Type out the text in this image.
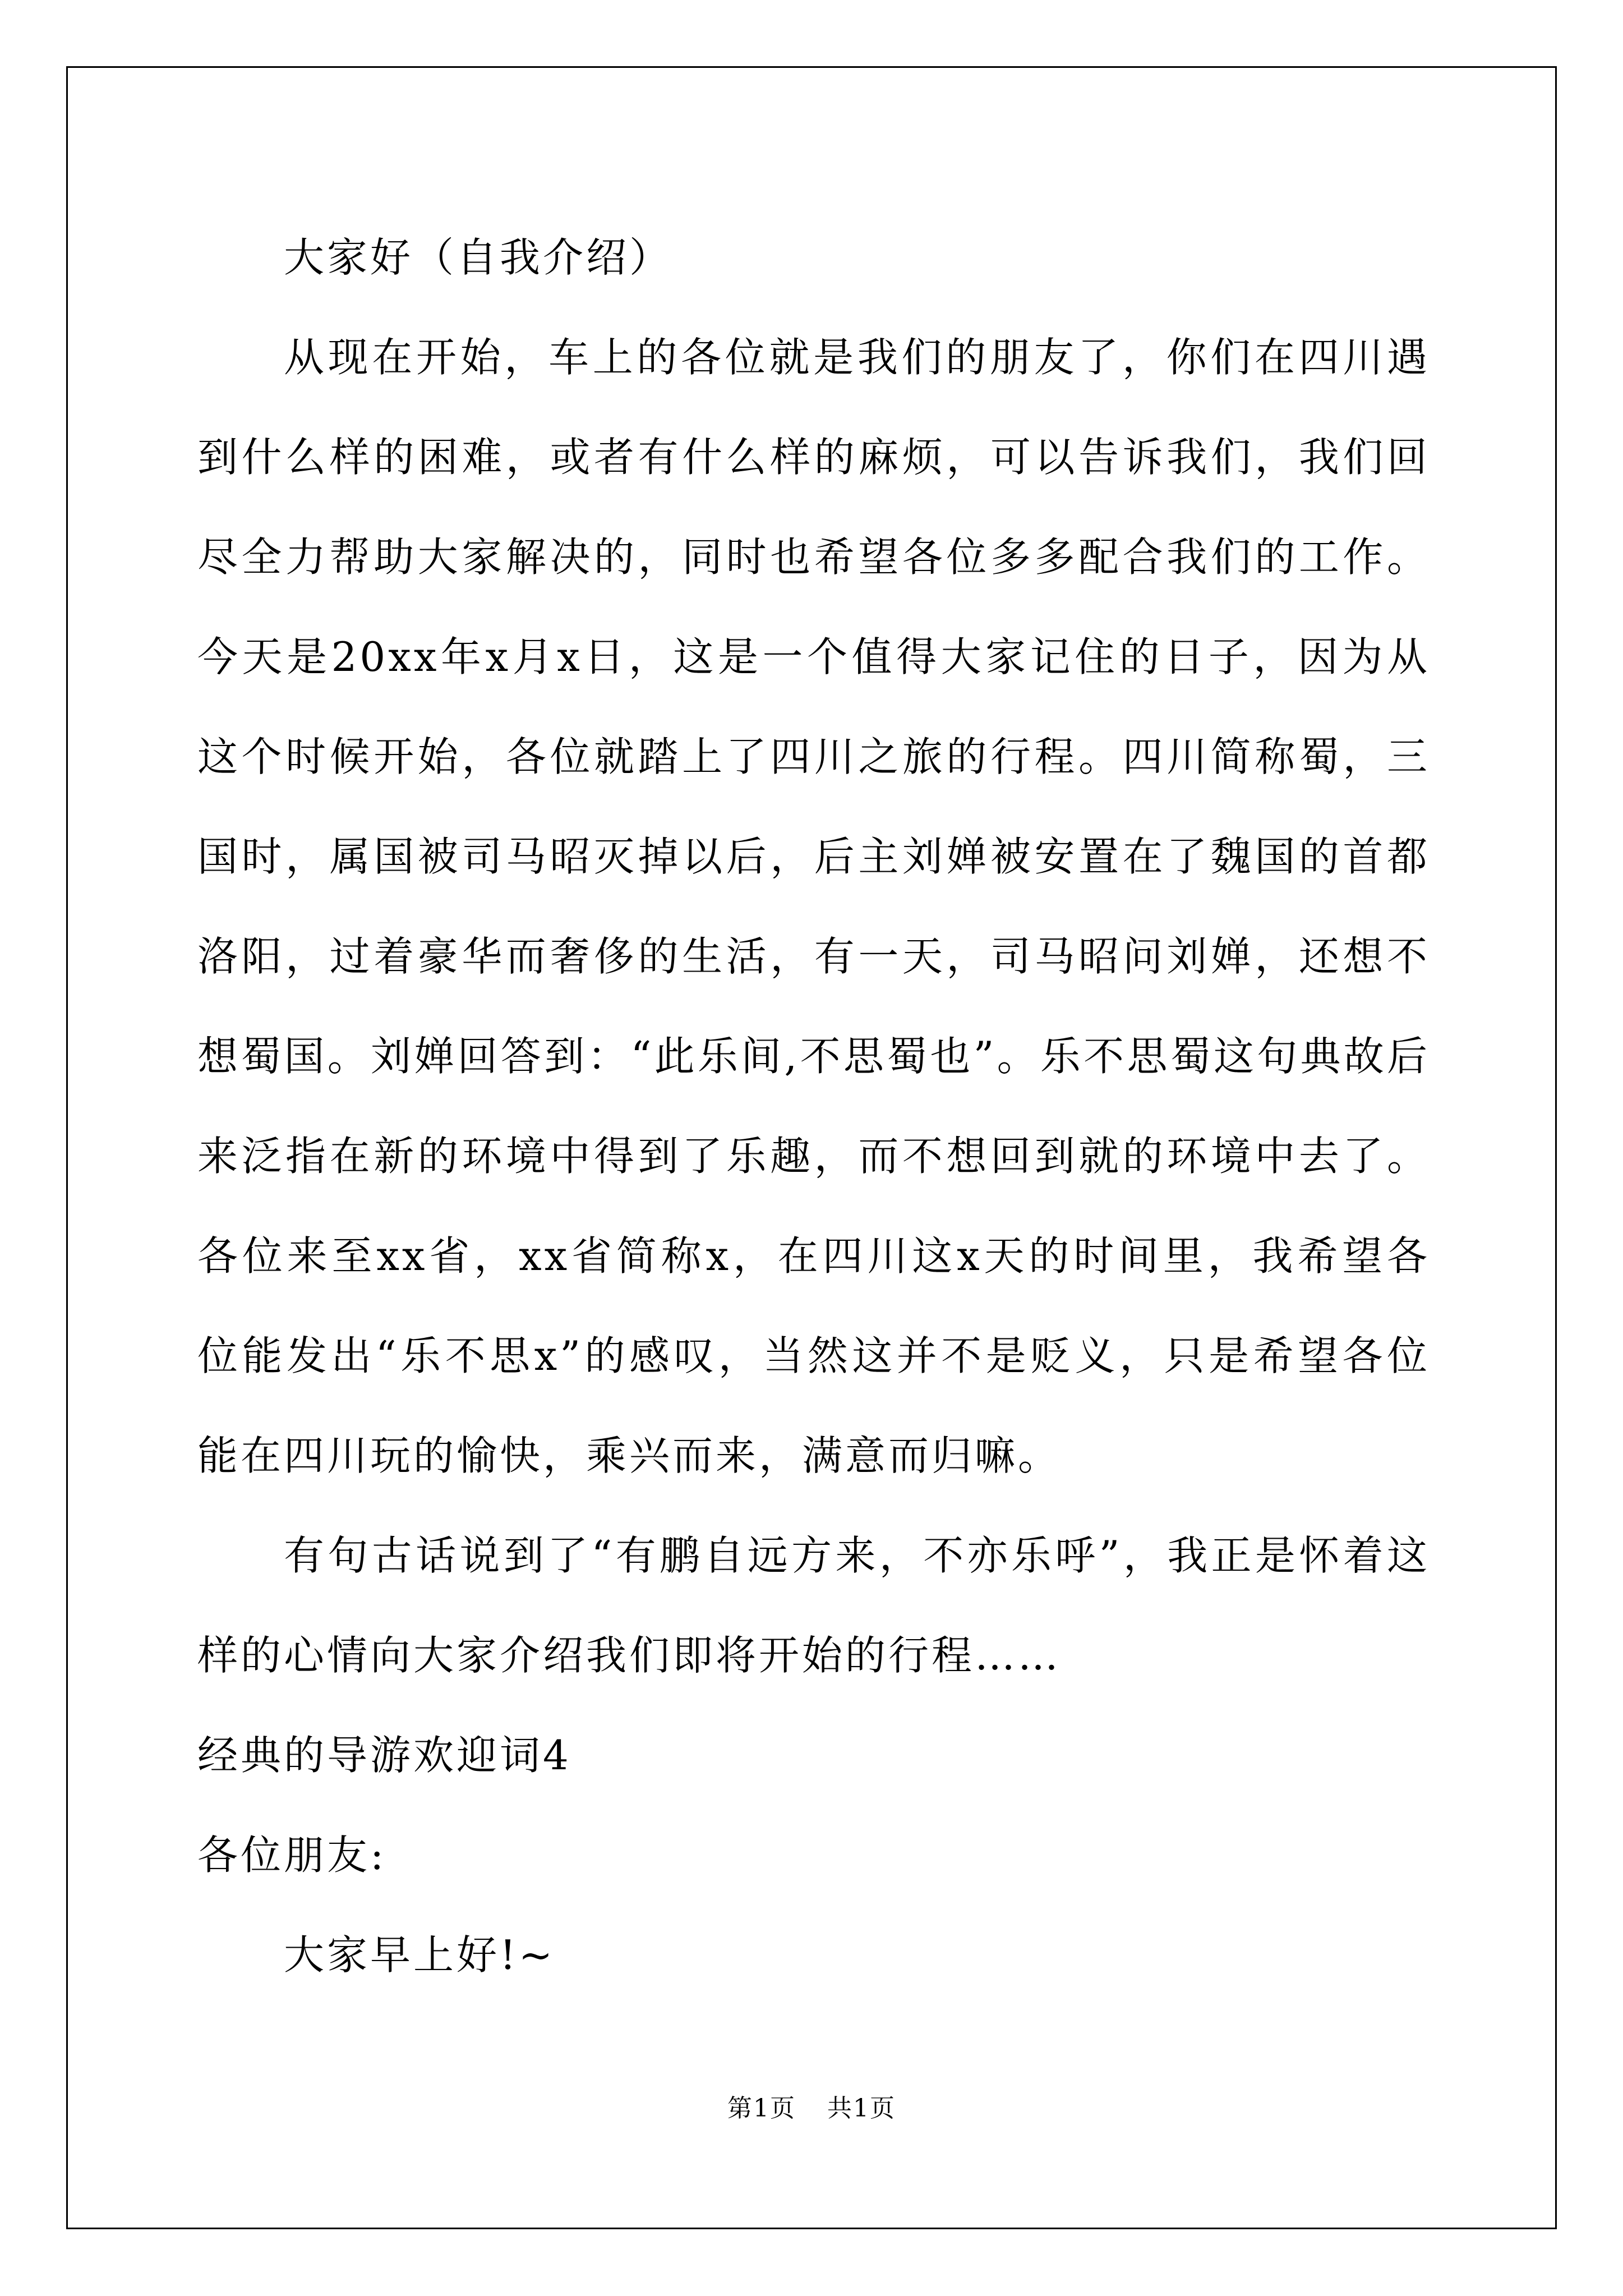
大家好（自我介绍）

从现在开始，车上的各位就是我们的朋友了，你们在四川遇到什么样的困难，或者有什么样的麻烦，可以告诉我们，我们回尽全力帮助大家解决的，同时也希望各位多多配合我们的工作。今天是20xx年x月x日，这是一个值得大家记住的日子，因为从这个时候开始，各位就踏上了四川之旅的行程。四川简称蜀，三国时，属国被司马昭灭掉以后，后主刘婵被安置在了魏国的首都洛阳，过着豪华而奢侈的生活，有一天，司马昭问刘婵，还想不想蜀国。刘婵回答到：“此乐间,不思蜀也”。乐不思蜀这句典故后来泛指在新的环境中得到了乐趣，而不想回到就的环境中去了。各位来至xx省，xx省简称x，在四川这x天的时间里，我希望各位能发出“乐不思x”的感叹，当然这并不是贬义，只是希望各位能在四川玩的愉快，乘兴而来，满意而归嘛。

有句古话说到了“有鹏自远方来，不亦乐呼”，我正是怀着这样的心情向大家介绍我们即将开始的行程……

经典的导游欢迎词4

各位朋友:

大家早上好!~

第1页 共1页
